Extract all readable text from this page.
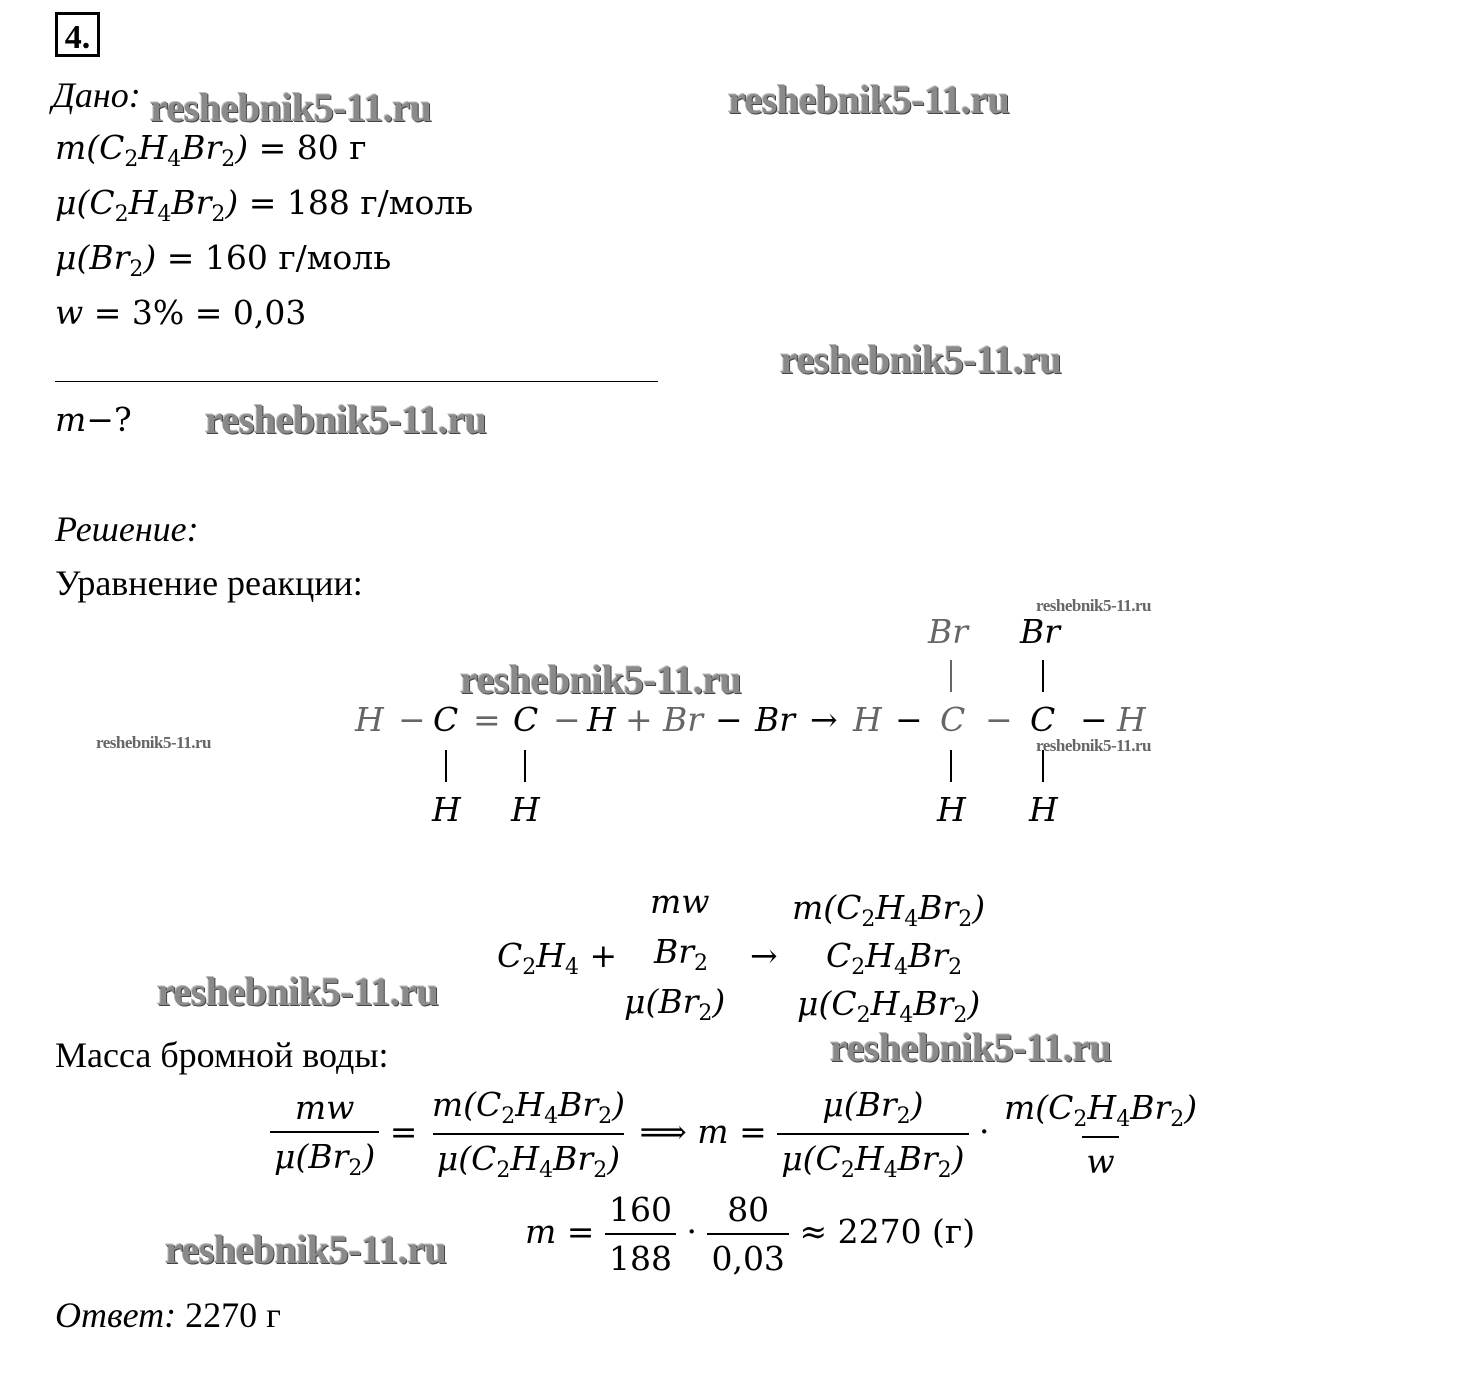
4.
Дано:
$m(C_2H_4Br_2) = 80$ г
$\mu(C_2H_4Br_2) = 188$ г/моль
$\mu(Br_2) = 160$ г/моль
w = 3% = 0,03
m−?
Решение:
Уравнение реакции:
H − C = C − H + Br − Br → H − C − C − H
Br Br
H H	H H
$C_2H_4$ +
mw
$Br_2$
$\mu(Br_2)$
→
$m(C_2H_4Br_2)$
$C_2H_4Br_2$
$\mu(C_2H_4Br_2)$
Масса бромной воды:
$\frac{mw}{\mu(Br_2)} = \frac{m(C_2H_4Br_2)}{\mu(C_2H_4Br_2)}$ ⟹ $m = \frac{\mu(Br_2)}{\mu(C_2H_4Br_2)} \cdot \frac{m(C_2H_4Br_2)}{w}$
$m = \frac{160}{188} \cdot \frac{80}{0,03} \approx 2270$ (г)
Ответ: 2270 г
reshebnik5-11.ru	reshebnik5-11.ru
reshebnik5-11.ru
reshebnik5-11.ru
reshebnik5-11.ru
reshebnik5-11.ru
reshebnik5-11.ru	reshebnik5-11.ru
reshebnik5-11.ru
reshebnik5-11.ru
reshebnik5-11.ru
